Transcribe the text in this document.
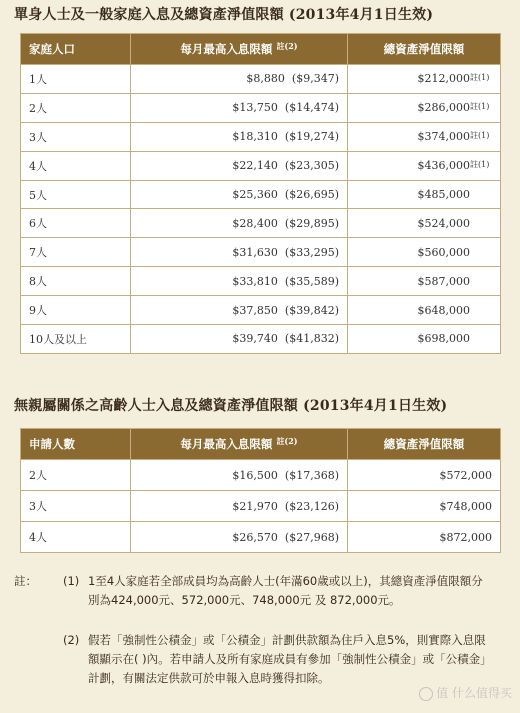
單身人士及一般家庭入息及總資產淨值限額 (2013年4月1日生效)
家庭人口	每月最高入息限額 $^{註(2)}$	總資產淨值限額
1人	$8,880 ($9,347)	$212,000註(1)
2人	$13,750 ($14,474)	$286,000註(1)
3人	$18,310 ($19,274)	$374,000註(1)
4人	$22,140 ($23,305)	$436,000註(1)
5人	$25,360 ($26,695)	$485,000
6人	$28,400 ($29,895)	$524,000
7人	$31,630 ($33,295)	$560,000
8人	$33,810 ($35,589)	$587,000
9人	$37,850 ($39,842)	$648,000
10人及以上	$39,740 ($41,832)	$698,000
無親屬關係之高齡人士入息及總資產淨值限額 (2013年4月1日生效)
申請人數	每月最高入息限額 $^{註(2)}$	總資產淨值限額
2人	$16,500 ($17,368)	$572,000
3人	$21,970 ($23,126)	$748,000
4人	$26,570 ($27,968)	$872,000
註： (1) 1至4人家庭若全部成員均為高齡人士(年滿60歲或以上)，其總資產淨值限額分別為424,000元、572,000元、748,000元 及 872,000元。
(2) 假若「強制性公積金」或「公積金」計劃供款額為住戶入息5%，則實際入息限額顯示在( )內。若申請人及所有家庭成員有參加「強制性公積金」或「公積金」計劃，有關法定供款可於申報入息時獲得扣除。
值 什么值得买
